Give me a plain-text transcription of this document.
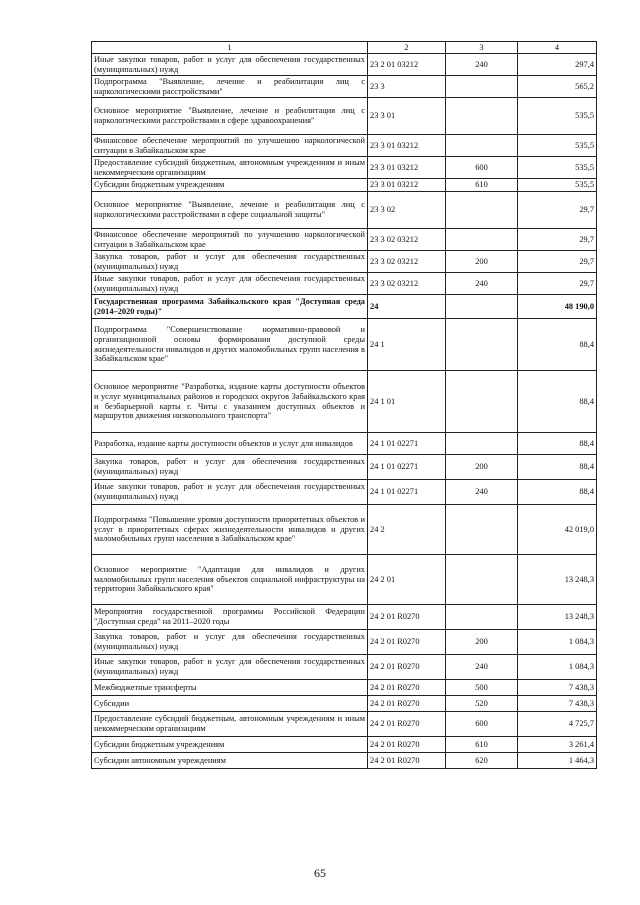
1	2	3	4
Иные закупки товаров, работ и услуг для обеспечения государственных (муниципальных) нужд	23 2 01 03212	240	297,4
Подпрограмма "Выявление, лечение и реабилитация лиц с наркологическими расстройствами"	23 3		565,2
Основное мероприятие "Выявление, лечение и реабилитация лиц с наркологическими расстройствами в сфере здравоохранения"	23 3 01		535,5
Финансовое обеспечение мероприятий по улучшению наркологической ситуации в Забайкальском крае	23 3 01 03212		535,5
Предоставление субсидий бюджетным, автономным учреждениям и иным некоммерческим организациям	23 3 01 03212	600	535,5
Субсидии бюджетным учреждениям	23 3 01 03212	610	535,5
Основное мероприятие "Выявление, лечение и реабилитация лиц с наркологическими расстройствами в сфере социальной защиты"	23 3 02		29,7
Финансовое обеспечение мероприятий по улучшению наркологической ситуации в Забайкальском крае	23 3 02 03212		29,7
Закупка товаров, работ и услуг для обеспечения государственных (муниципальных) нужд	23 3 02 03212	200	29,7
Иные закупки товаров, работ и услуг для обеспечения государственных (муниципальных) нужд	23 3 02 03212	240	29,7
Государственная программа Забайкальского края "Доступная среда (2014–2020 годы)"	24		48 190,0
Подпрограмма "Совершенствование нормативно-правовой и организационной основы формирования доступной среды жизнедеятельности инвалидов и других маломобильных групп населения в Забайкальском крае"	24 1		88,4
Основное мероприятие "Разработка, издание карты доступности объектов и услуг муниципальных районов и городских округов Забайкальского края и безбарьерной карты г. Читы с указанием доступных объектов и маршрутов движения низкопольного транспорта"	24 1 01		88,4
Разработка, издание карты доступности объектов и услуг для инвалидов	24 1 01 02271		88,4
Закупка товаров, работ и услуг для обеспечения государственных (муниципальных) нужд	24 1 01 02271	200	88,4
Иные закупки товаров, работ и услуг для обеспечения государственных (муниципальных) нужд	24 1 01 02271	240	88,4
Подпрограмма "Повышение уровня доступности приоритетных объектов и услуг в приоритетных сферах жизнедеятельности инвалидов и других маломобильных групп населения в Забайкальском крае"	24 2		42 019,0
Основное мероприятие "Адаптация для инвалидов и других маломобильных групп населения объектов социальной инфраструктуры на территории Забайкальского края"	24 2 01		13 248,3
Мероприятия государственной программы Российской Федерации "Доступная среда" на 2011–2020 годы	24 2 01 R0270		13 248,3
Закупка товаров, работ и услуг для обеспечения государственных (муниципальных) нужд	24 2 01 R0270	200	1 084,3
Иные закупки товаров, работ и услуг для обеспечения государственных (муниципальных) нужд	24 2 01 R0270	240	1 084,3
Межбюджетные трансферты	24 2 01 R0270	500	7 438,3
Субсидии	24 2 01 R0270	520	7 438,3
Предоставление субсидий бюджетным, автономным учреждениям и иным некоммерческим организациям	24 2 01 R0270	600	4 725,7
Субсидии бюджетным учреждениям	24 2 01 R0270	610	3 261,4
Субсидии автономным учреждениям	24 2 01 R0270	620	1 464,3
65
